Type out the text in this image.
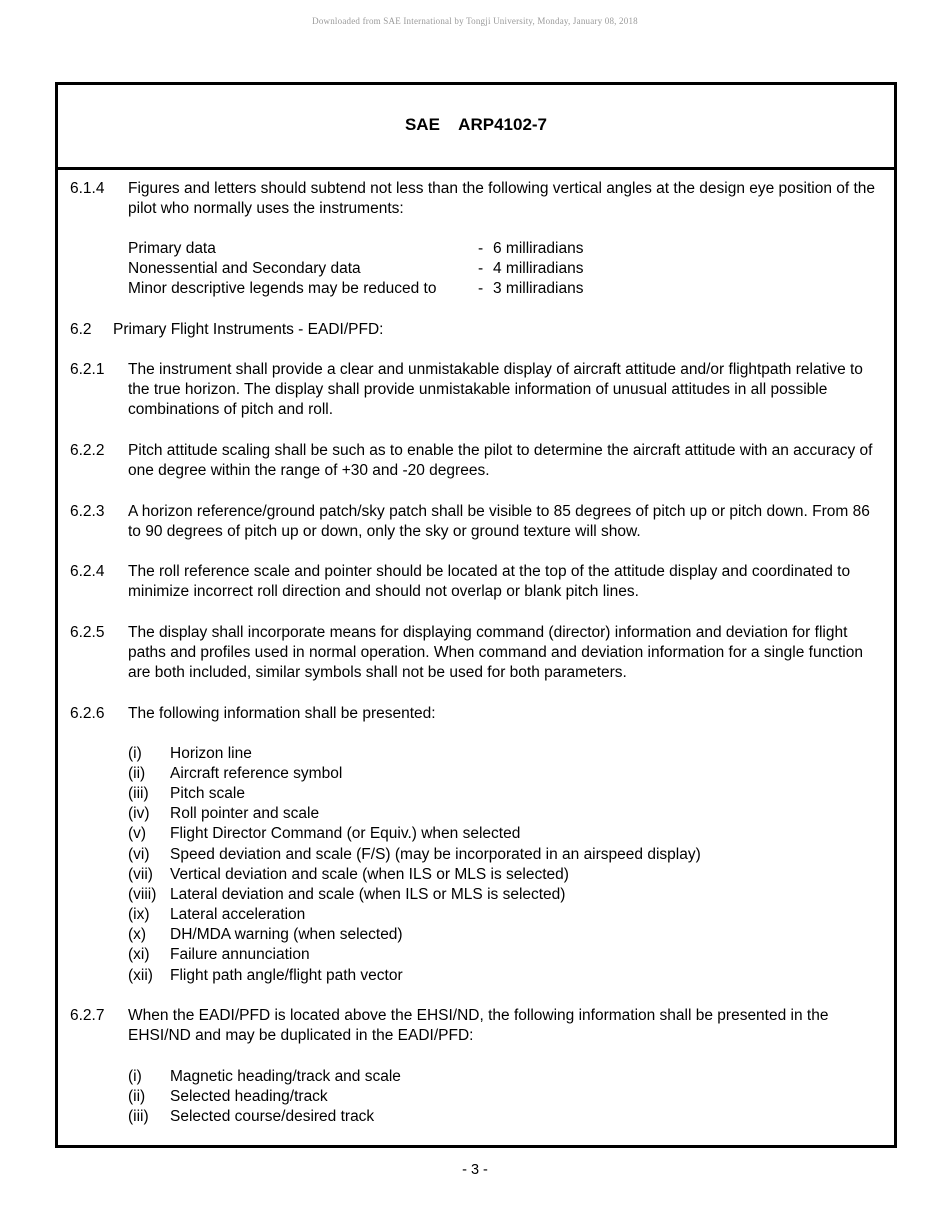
Downloaded from SAE International by Tongji University, Monday, January 08, 2018
SAE    ARP4102-7
6.1.4 Figures and letters should subtend not less than the following vertical angles at the design eye position of the pilot who normally uses the instruments:
Primary data	- 6 milliradians
Nonessential and Secondary data	- 4 milliradians
Minor descriptive legends may be reduced to	- 3 milliradians
6.2 Primary Flight Instruments - EADI/PFD:
6.2.1 The instrument shall provide a clear and unmistakable display of aircraft attitude and/or flightpath relative to the true horizon. The display shall provide unmistakable information of unusual attitudes in all possible combinations of pitch and roll.
6.2.2 Pitch attitude scaling shall be such as to enable the pilot to determine the aircraft attitude with an accuracy of one degree within the range of +30 and -20 degrees.
6.2.3 A horizon reference/ground patch/sky patch shall be visible to 85 degrees of pitch up or pitch down. From 86 to 90 degrees of pitch up or down, only the sky or ground texture will show.
6.2.4 The roll reference scale and pointer should be located at the top of the attitude display and coordinated to minimize incorrect roll direction and should not overlap or blank pitch lines.
6.2.5 The display shall incorporate means for displaying command (director) information and deviation for flight paths and profiles used in normal operation. When command and deviation information for a single function are both included, similar symbols shall not be used for both parameters.
6.2.6 The following information shall be presented:
(i) Horizon line
(ii) Aircraft reference symbol
(iii) Pitch scale
(iv) Roll pointer and scale
(v) Flight Director Command (or Equiv.) when selected
(vi) Speed deviation and scale (F/S) (may be incorporated in an airspeed display)
(vii) Vertical deviation and scale (when ILS or MLS is selected)
(viii) Lateral deviation and scale (when ILS or MLS is selected)
(ix) Lateral acceleration
(x) DH/MDA warning (when selected)
(xi) Failure annunciation
(xii) Flight path angle/flight path vector
6.2.7 When the EADI/PFD is located above the EHSI/ND, the following information shall be presented in the EHSI/ND and may be duplicated in the EADI/PFD:
(i) Magnetic heading/track and scale
(ii) Selected heading/track
(iii) Selected course/desired track
- 3 -
